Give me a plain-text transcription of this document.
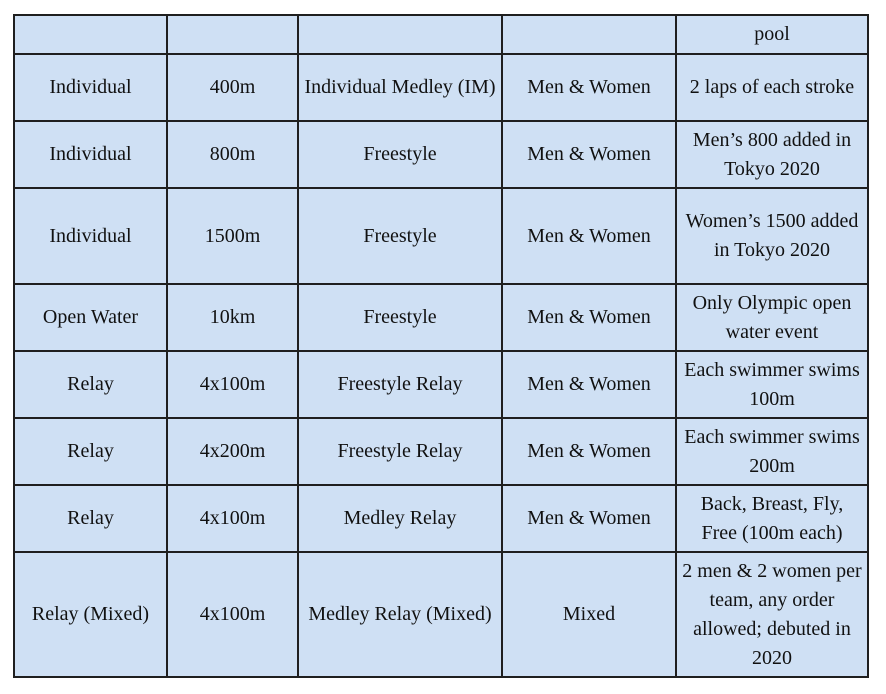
				pool
Individual	400m	Individual Medley (IM)	Men & Women	2 laps of each stroke
Individual	800m	Freestyle	Men & Women	Men’s 800 added in Tokyo 2020
Individual	1500m	Freestyle	Men & Women	Women’s 1500 added in Tokyo 2020
Open Water	10km	Freestyle	Men & Women	Only Olympic open water event
Relay	4x100m	Freestyle Relay	Men & Women	Each swimmer swims 100m
Relay	4x200m	Freestyle Relay	Men & Women	Each swimmer swims 200m
Relay	4x100m	Medley Relay	Men & Women	Back, Breast, Fly, Free (100m each)
Relay (Mixed)	4x100m	Medley Relay (Mixed)	Mixed	2 men & 2 women per team, any order allowed; debuted in 2020
